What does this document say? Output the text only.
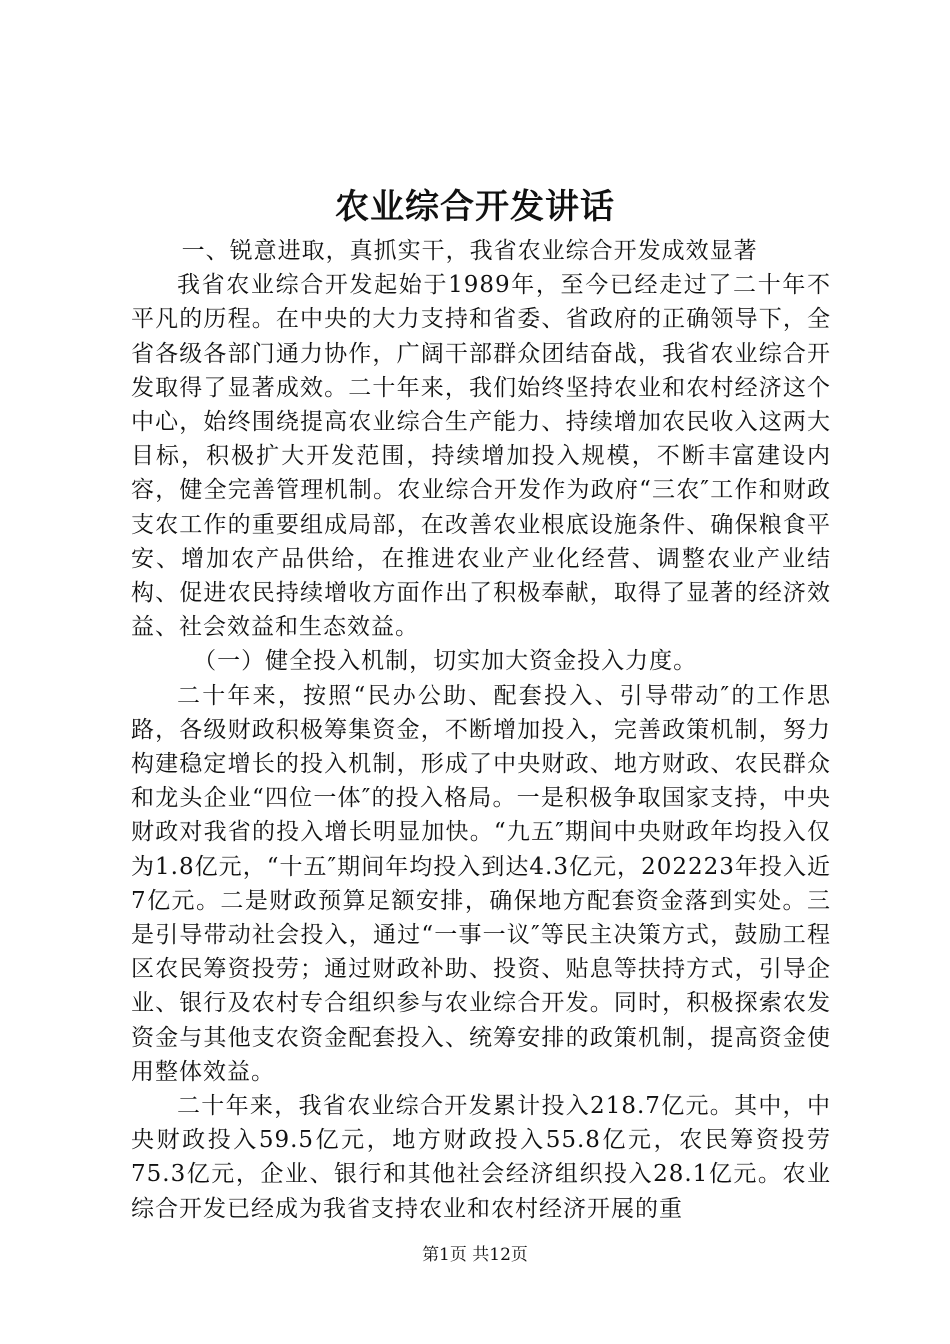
农业综合开发讲话

一、锐意进取，真抓实干，我省农业综合开发成效显著

我省农业综合开发起始于1989年，至今已经走过了二十年不平凡的历程。在中央的大力支持和省委、省政府的正确领导下，全省各级各部门通力协作，广阔干部群众团结奋战，我省农业综合开发取得了显著成效。二十年来，我们始终坚持农业和农村经济这个中心，始终围绕提高农业综合生产能力、持续增加农民收入这两大目标，积极扩大开发范围，持续增加投入规模，不断丰富建设内容，健全完善管理机制。农业综合开发作为政府“三农″工作和财政支农工作的重要组成局部，在改善农业根底设施条件、确保粮食平安、增加农产品供给，在推进农业产业化经营、调整农业产业结构、促进农民持续增收方面作出了积极奉献，取得了显著的经济效益、社会效益和生态效益。

（一）健全投入机制，切实加大资金投入力度。

二十年来，按照“民办公助、配套投入、引导带动″的工作思路，各级财政积极筹集资金，不断增加投入，完善政策机制，努力构建稳定增长的投入机制，形成了中央财政、地方财政、农民群众和龙头企业“四位一体″的投入格局。一是积极争取国家支持，中央财政对我省的投入增长明显加快。“九五″期间中央财政年均投入仅为1.8亿元，“十五″期间年均投入到达4.3亿元，202223年投入近7亿元。二是财政预算足额安排，确保地方配套资金落到实处。三是引导带动社会投入，通过“一事一议″等民主决策方式，鼓励工程区农民筹资投劳；通过财政补助、投资、贴息等扶持方式，引导企业、银行及农村专合组织参与农业综合开发。同时，积极探索农发资金与其他支农资金配套投入、统筹安排的政策机制，提高资金使用整体效益。

二十年来，我省农业综合开发累计投入218.7亿元。其中，中央财政投入59.5亿元，地方财政投入55.8亿元，农民筹资投劳75.3亿元，企业、银行和其他社会经济组织投入28.1亿元。农业综合开发已经成为我省支持农业和农村经济开展的重

第1页 共12页
